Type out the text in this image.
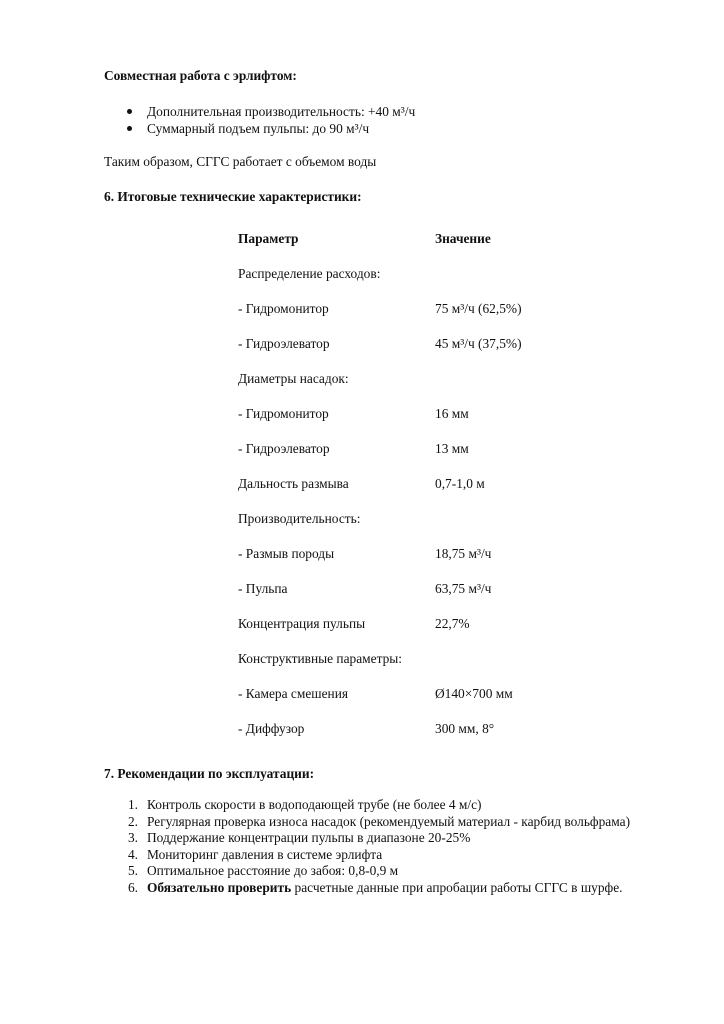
Совместная работа с эрлифтом:
Дополнительная производительность: +40 м³/ч
Суммарный подъем пульпы: до 90 м³/ч
Таким образом, СГГС работает с объемом воды
6. Итоговые технические характеристики:
Параметр	Значение
Распределение расходов:
- Гидромонитор	75 м³/ч (62,5%)
- Гидроэлеватор	45 м³/ч (37,5%)
Диаметры насадок:
- Гидромонитор	16 мм
- Гидроэлеватор	13 мм
Дальность размыва	0,7-1,0 м
Производительность:
- Размыв породы	18,75 м³/ч
- Пульпа	63,75 м³/ч
Концентрация пульпы	22,7%
Конструктивные параметры:
- Камера смешения	Ø140×700 мм
- Диффузор	300 мм, 8°
7. Рекомендации по эксплуатации:
1. Контроль скорости в водоподающей трубе (не более 4 м/с)
2. Регулярная проверка износа насадок (рекомендуемый материал - карбид вольфрама)
3. Поддержание концентрации пульпы в диапазоне 20-25%
4. Мониторинг давления в системе эрлифта
5. Оптимальное расстояние до забоя: 0,8-0,9 м
6. Обязательно проверить расчетные данные при апробации работы СГГС в шурфе.
